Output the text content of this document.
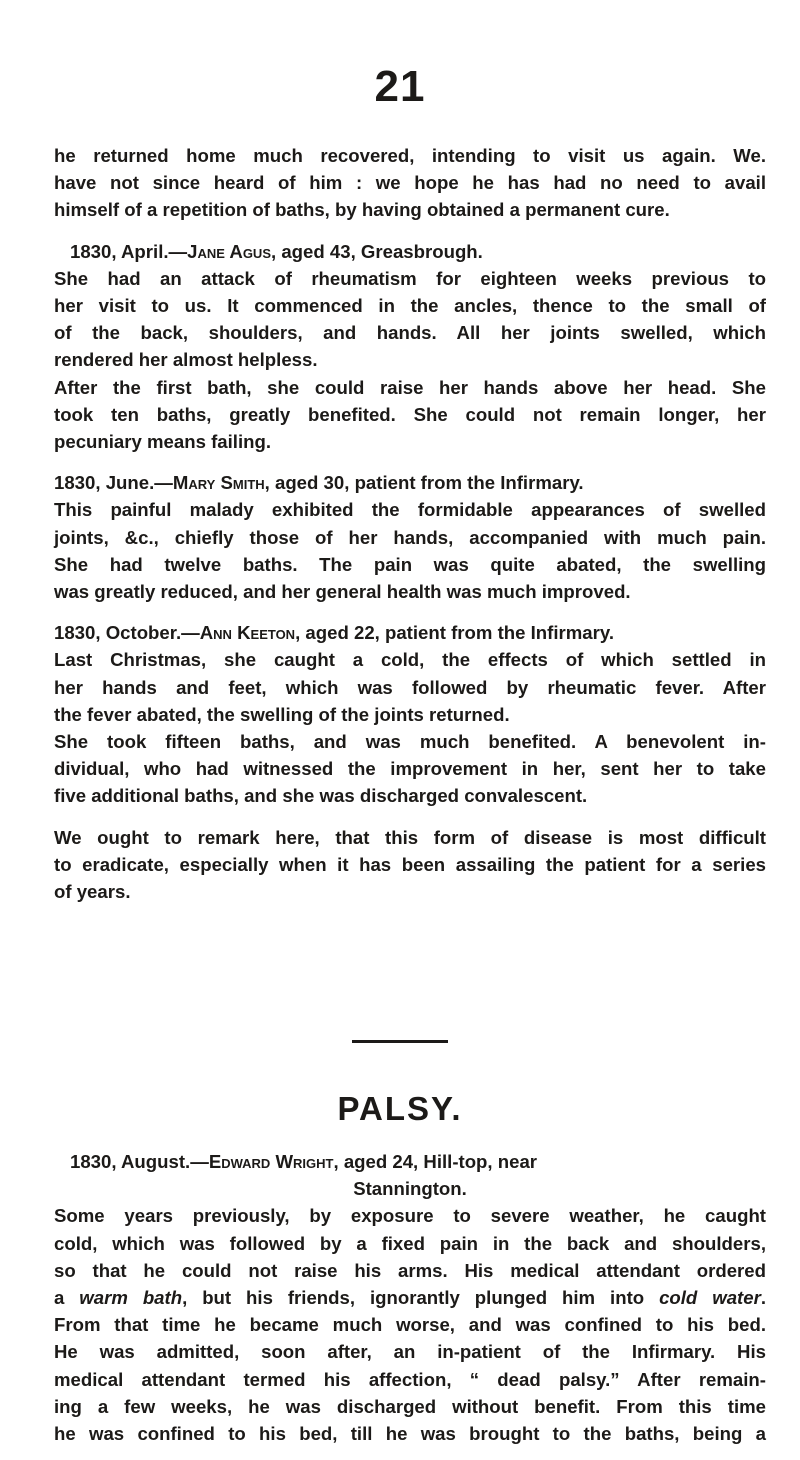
21
he returned home much recovered, intending to visit us again. We.
have not since heard of him : we hope he has had no need to avail
himself of a repetition of baths, by having obtained a permanent cure.
1830, April.—Jane Agus, aged 43, Greasbrough.
She had an attack of rheumatism for eighteen weeks previous to
her visit to us. It commenced in the ancles, thence to the small of
of the back, shoulders, and hands. All her joints swelled, which
rendered her almost helpless.
After the first bath, she could raise her hands above her head. She
took ten baths, greatly benefited. She could not remain longer, her
pecuniary means failing.
1830, June.—Mary Smith, aged 30, patient from the Infirmary.
This painful malady exhibited the formidable appearances of swelled
joints, &c., chiefly those of her hands, accompanied with much pain.
She had twelve baths. The pain was quite abated, the swelling
was greatly reduced, and her general health was much improved.
1830, October.—Ann Keeton, aged 22, patient from the Infirmary.
Last Christmas, she caught a cold, the effects of which settled in
her hands and feet, which was followed by rheumatic fever. After
the fever abated, the swelling of the joints returned.
She took fifteen baths, and was much benefited. A benevolent in-
dividual, who had witnessed the improvement in her, sent her to take
five additional baths, and she was discharged convalescent.
We ought to remark here, that this form of disease is most difficult
to eradicate, especially when it has been assailing the patient for a series
of years.
PALSY.
1830, August.—Edward Wright, aged 24, Hill-top, near
Stannington.
Some years previously, by exposure to severe weather, he caught
cold, which was followed by a fixed pain in the back and shoulders,
so that he could not raise his arms. His medical attendant ordered
a warm bath, but his friends, ignorantly plunged him into cold water.
From that time he became much worse, and was confined to his bed.
He was admitted, soon after, an in-patient of the Infirmary. His
medical attendant termed his affection, “ dead palsy.” After remain-
ing a few weeks, he was discharged without benefit. From this time
he was confined to his bed, till he was brought to the baths, being a
